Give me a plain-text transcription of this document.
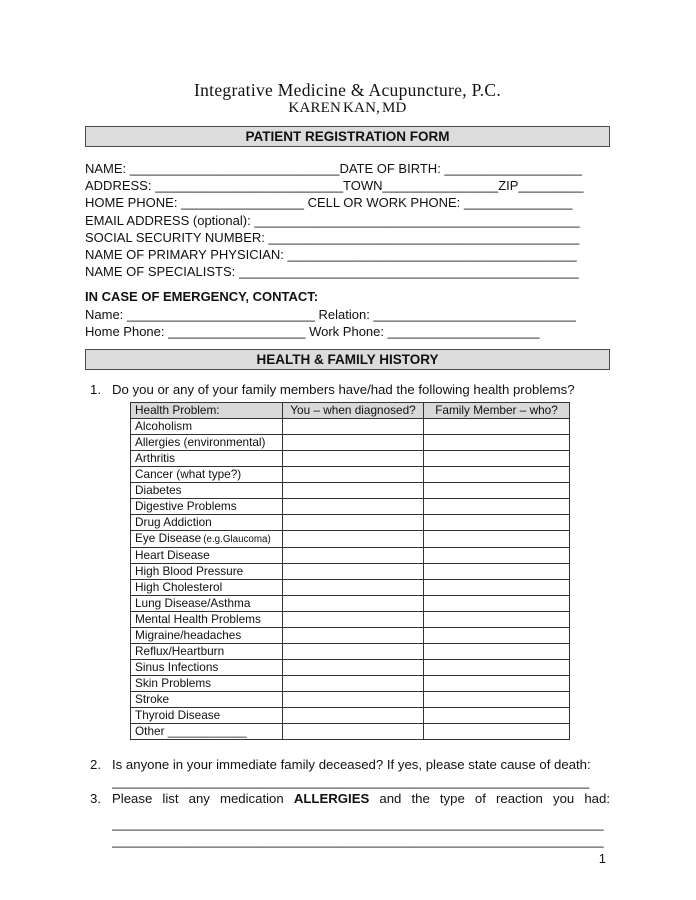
Integrative Medicine & Acupuncture, P.C.
KAREN KAN, MD
PATIENT REGISTRATION FORM
NAME: _____________________________DATE OF BIRTH: ___________________
ADDRESS: __________________________TOWN________________ZIP_________
HOME PHONE: _________________ CELL OR WORK PHONE: _______________
EMAIL ADDRESS (optional): _____________________________________________
SOCIAL SECURITY NUMBER: ___________________________________________
NAME OF PRIMARY PHYSICIAN: ________________________________________
NAME OF SPECIALISTS: _______________________________________________
IN CASE OF EMERGENCY, CONTACT:
Name: __________________________ Relation: ____________________________
Home Phone: ___________________ Work Phone: _____________________
HEALTH & FAMILY HISTORY
1. Do you or any of your family members have/had the following health problems?
Health Problem:	You – when diagnosed?	Family Member – who?
Alcoholism		
Allergies (environmental)		
Arthritis		
Cancer (what type?)		
Diabetes		
Digestive Problems		
Drug Addiction		
Eye Disease (e.g.Glaucoma)		
Heart Disease		
High Blood Pressure		
High Cholesterol		
Lung Disease/Asthma		
Mental Health Problems		
Migraine/headaches		
Reflux/Heartburn		
Sinus Infections		
Skin Problems		
Stroke		
Thyroid Disease		
Other ____________		
2. Is anyone in your immediate family deceased? If yes, please state cause of death:
__________________________________________________________________
3. Please list any medication ALLERGIES and the type of reaction you had:
____________________________________________________________________
____________________________________________________________________
1
